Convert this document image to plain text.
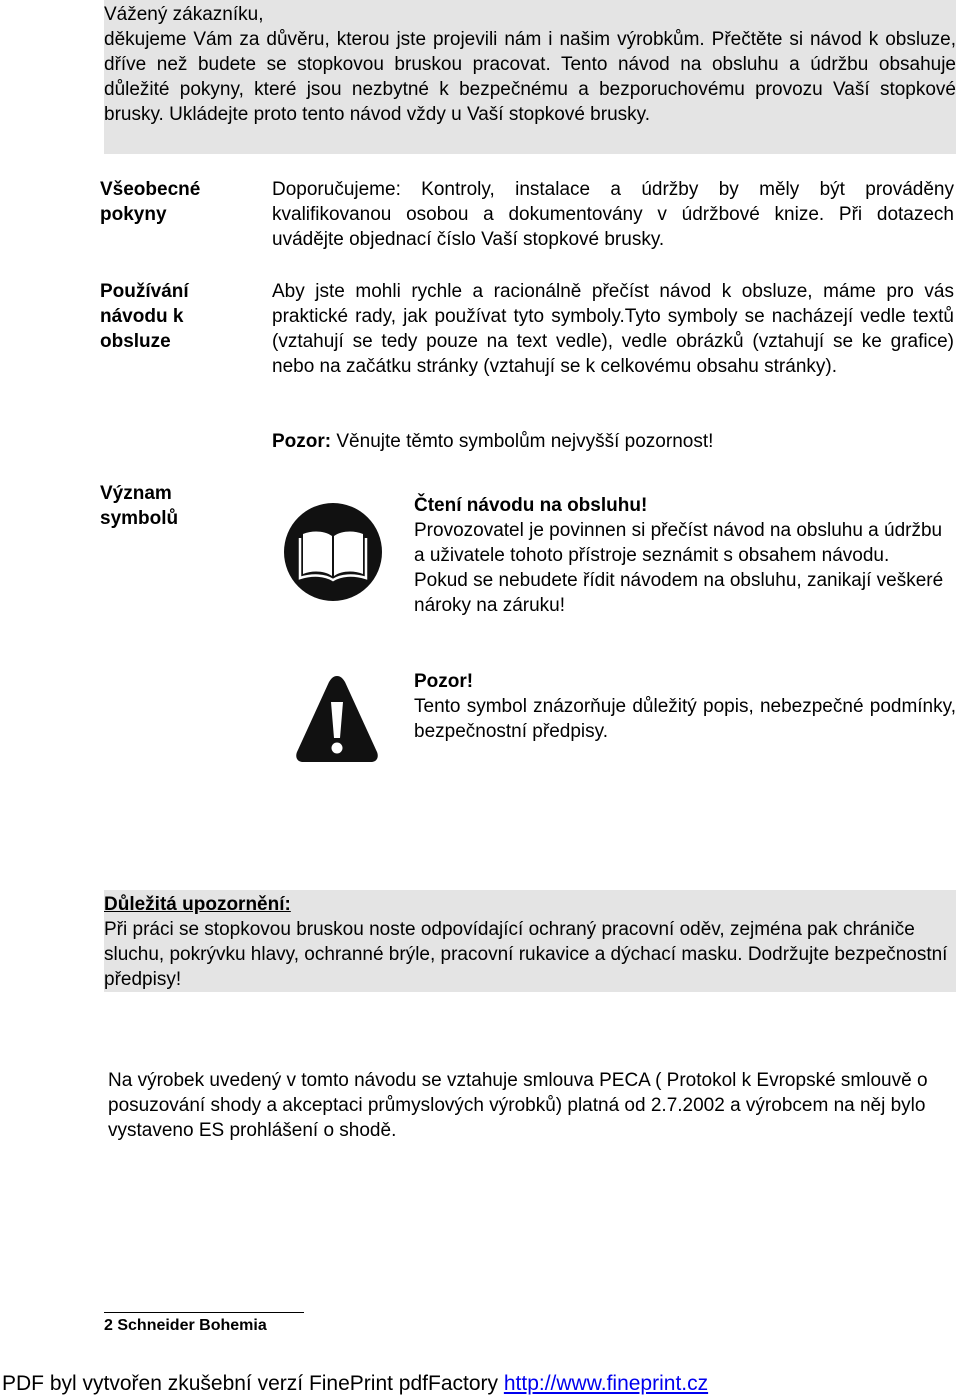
Vážený zákazníku,

děkujeme Vám za důvěru, kterou jste projevili nám i našim výrobkům. Přečtěte si návod k obsluze, dříve než budete se stopkovou bruskou pracovat. Tento návod na obsluhu a údržbu obsahuje důležité pokyny, které jsou nezbytné k bezpečnému a bezporuchovému provozu Vaší stopkové brusky. Ukládejte proto tento návod vždy u Vaší stopkové brusky.

Všeobecné
pokyny

Doporučujeme: Kontroly, instalace a údržby by měly být prováděny kvalifikovanou osobou a dokumentovány v údržbové knize. Při dotazech uvádějte objednací číslo Vaší stopkové brusky.

Používání
návodu k
obsluze

Aby jste mohli rychle a racionálně přečíst návod k obsluze, máme pro vás praktické rady, jak používat tyto symboly.Tyto symboly se nacházejí vedle textů (vztahují se tedy pouze na text vedle), vedle obrázků (vztahují se ke grafice) nebo na začátku stránky (vztahují se k celkovému obsahu stránky).

Pozor: Věnujte těmto symbolům nejvyšší pozornost!

Význam
symbolů

Čtení návodu na obsluhu!

Provozovatel je povinnen si přečíst návod na obsluhu a údržbu a uživatele tohoto přístroje seznámit s obsahem návodu.

Pokud se nebudete řídit návodem na obsluhu, zanikají veškeré nároky na záruku!

Pozor!

Tento symbol znázorňuje důležitý popis, nebezpečné podmínky, bezpečnostní předpisy.

Důležitá upozornění:

Při práci se stopkovou bruskou noste odpovídající ochraný pracovní oděv, zejména pak chrániče sluchu, pokrývku hlavy, ochranné brýle, pracovní rukavice a dýchací masku. Dodržujte bezpečnostní předpisy!

Na výrobek uvedený v tomto návodu se vztahuje smlouva PECA ( Protokol k Evropské smlouvě o posuzování shody a akceptaci průmyslových výrobků) platná od 2.7.2002 a výrobcem na něj bylo vystaveno ES prohlášení o shodě.

2 Schneider Bohemia
PDF byl vytvořen zkušební verzí FinePrint pdfFactory http://www.fineprint.cz
